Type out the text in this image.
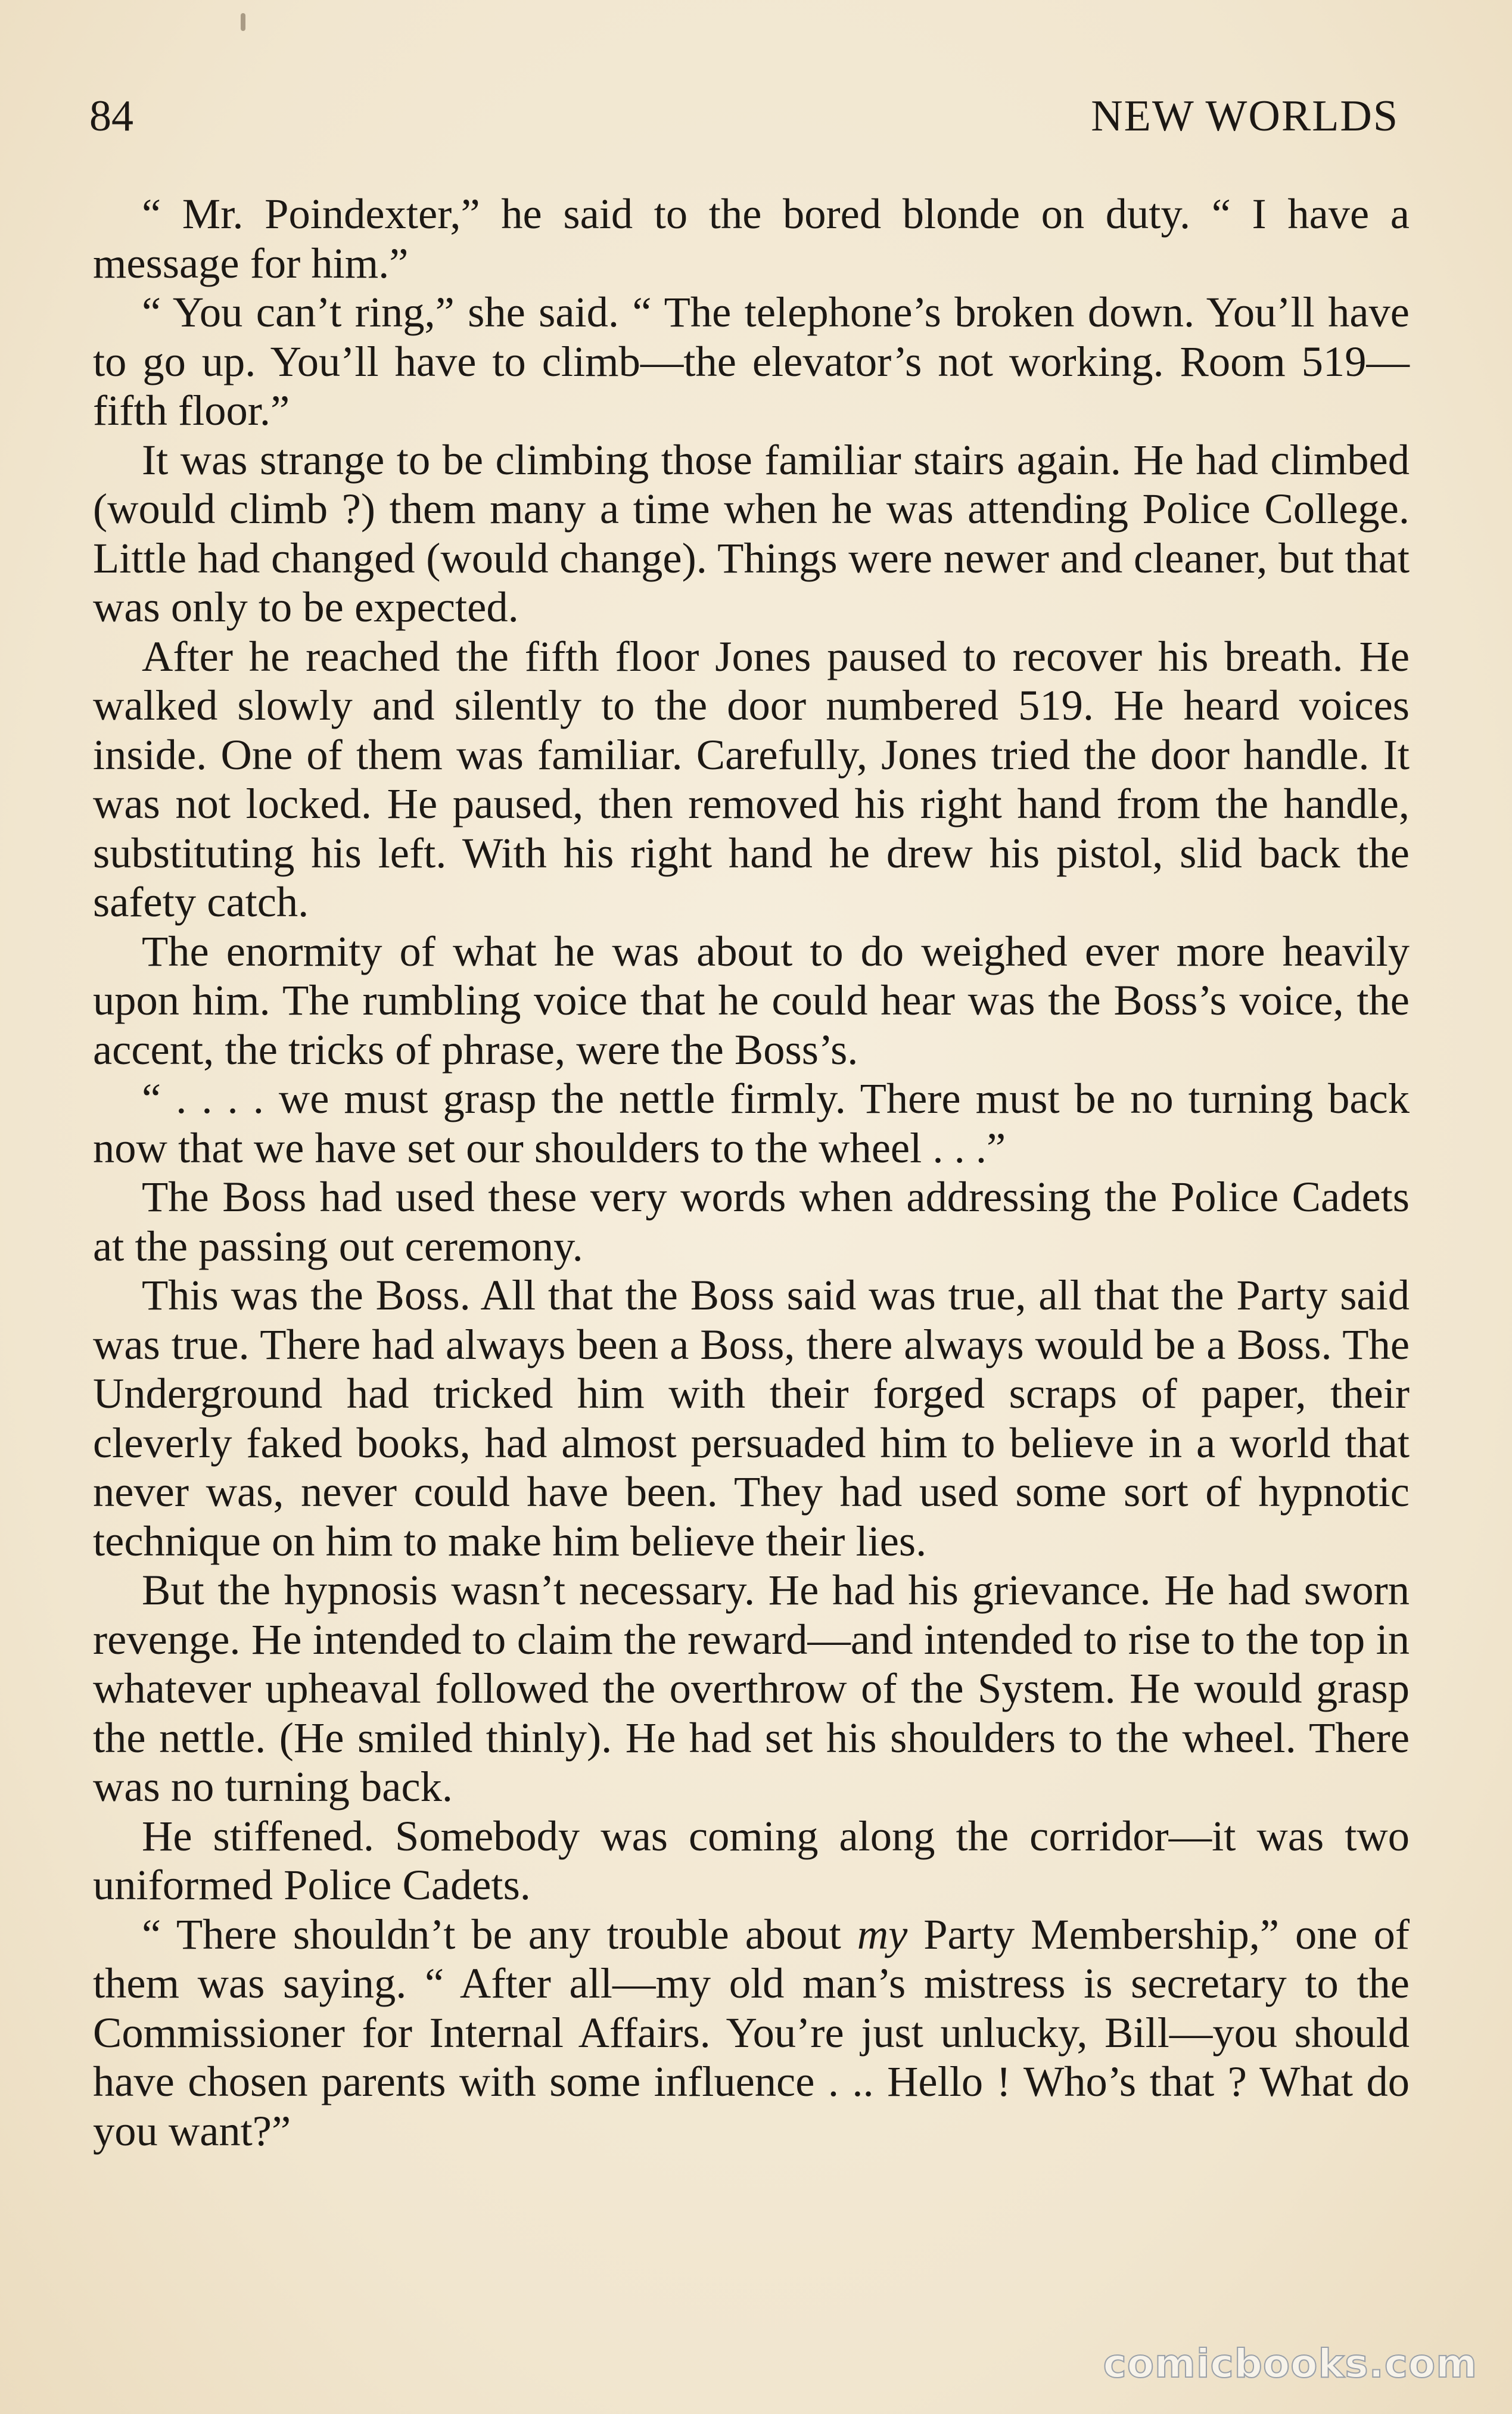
84	NEW WORLDS

“ Mr. Poindexter,” he said to the bored blonde on duty. “ I have a message for him.”

“ You can’t ring,” she said. “ The telephone’s broken down. You’ll have to go up. You’ll have to climb—the elevator’s not working. Room 519—fifth floor.”

It was strange to be climbing those familiar stairs again. He had climbed (would climb ?) them many a time when he was attending Police College. Little had changed (would change). Things were newer and cleaner, but that was only to be expected.

After he reached the fifth floor Jones paused to recover his breath. He walked slowly and silently to the door numbered 519. He heard voices inside. One of them was familiar. Carefully, Jones tried the door handle. It was not locked. He paused, then removed his right hand from the handle, substituting his left. With his right hand he drew his pistol, slid back the safety catch.

The enormity of what he was about to do weighed ever more heavily upon him. The rumbling voice that he could hear was the Boss’s voice, the accent, the tricks of phrase, were the Boss’s.

“ . . . . we must grasp the nettle firmly. There must be no turning back now that we have set our shoulders to the wheel . . .”

The Boss had used these very words when addressing the Police Cadets at the passing out ceremony.

This was the Boss. All that the Boss said was true, all that the Party said was true. There had always been a Boss, there always would be a Boss. The Underground had tricked him with their forged scraps of paper, their cleverly faked books, had almost persuaded him to believe in a world that never was, never could have been. They had used some sort of hypnotic technique on him to make him believe their lies.

But the hypnosis wasn’t necessary. He had his grievance. He had sworn revenge. He intended to claim the reward—and intended to rise to the top in whatever upheaval followed the overthrow of the System. He would grasp the nettle. (He smiled thinly). He had set his shoulders to the wheel. There was no turning back.

He stiffened. Somebody was coming along the corridor—it was two uniformed Police Cadets.

“ There shouldn’t be any trouble about my Party Membership,” one of them was saying. “ After all—my old man’s mistress is secretary to the Commissioner for Internal Affairs. You’re just unlucky, Bill—you should have chosen parents with some influence . .. Hello ! Who’s that ? What do you want?”

comicbooks.com
